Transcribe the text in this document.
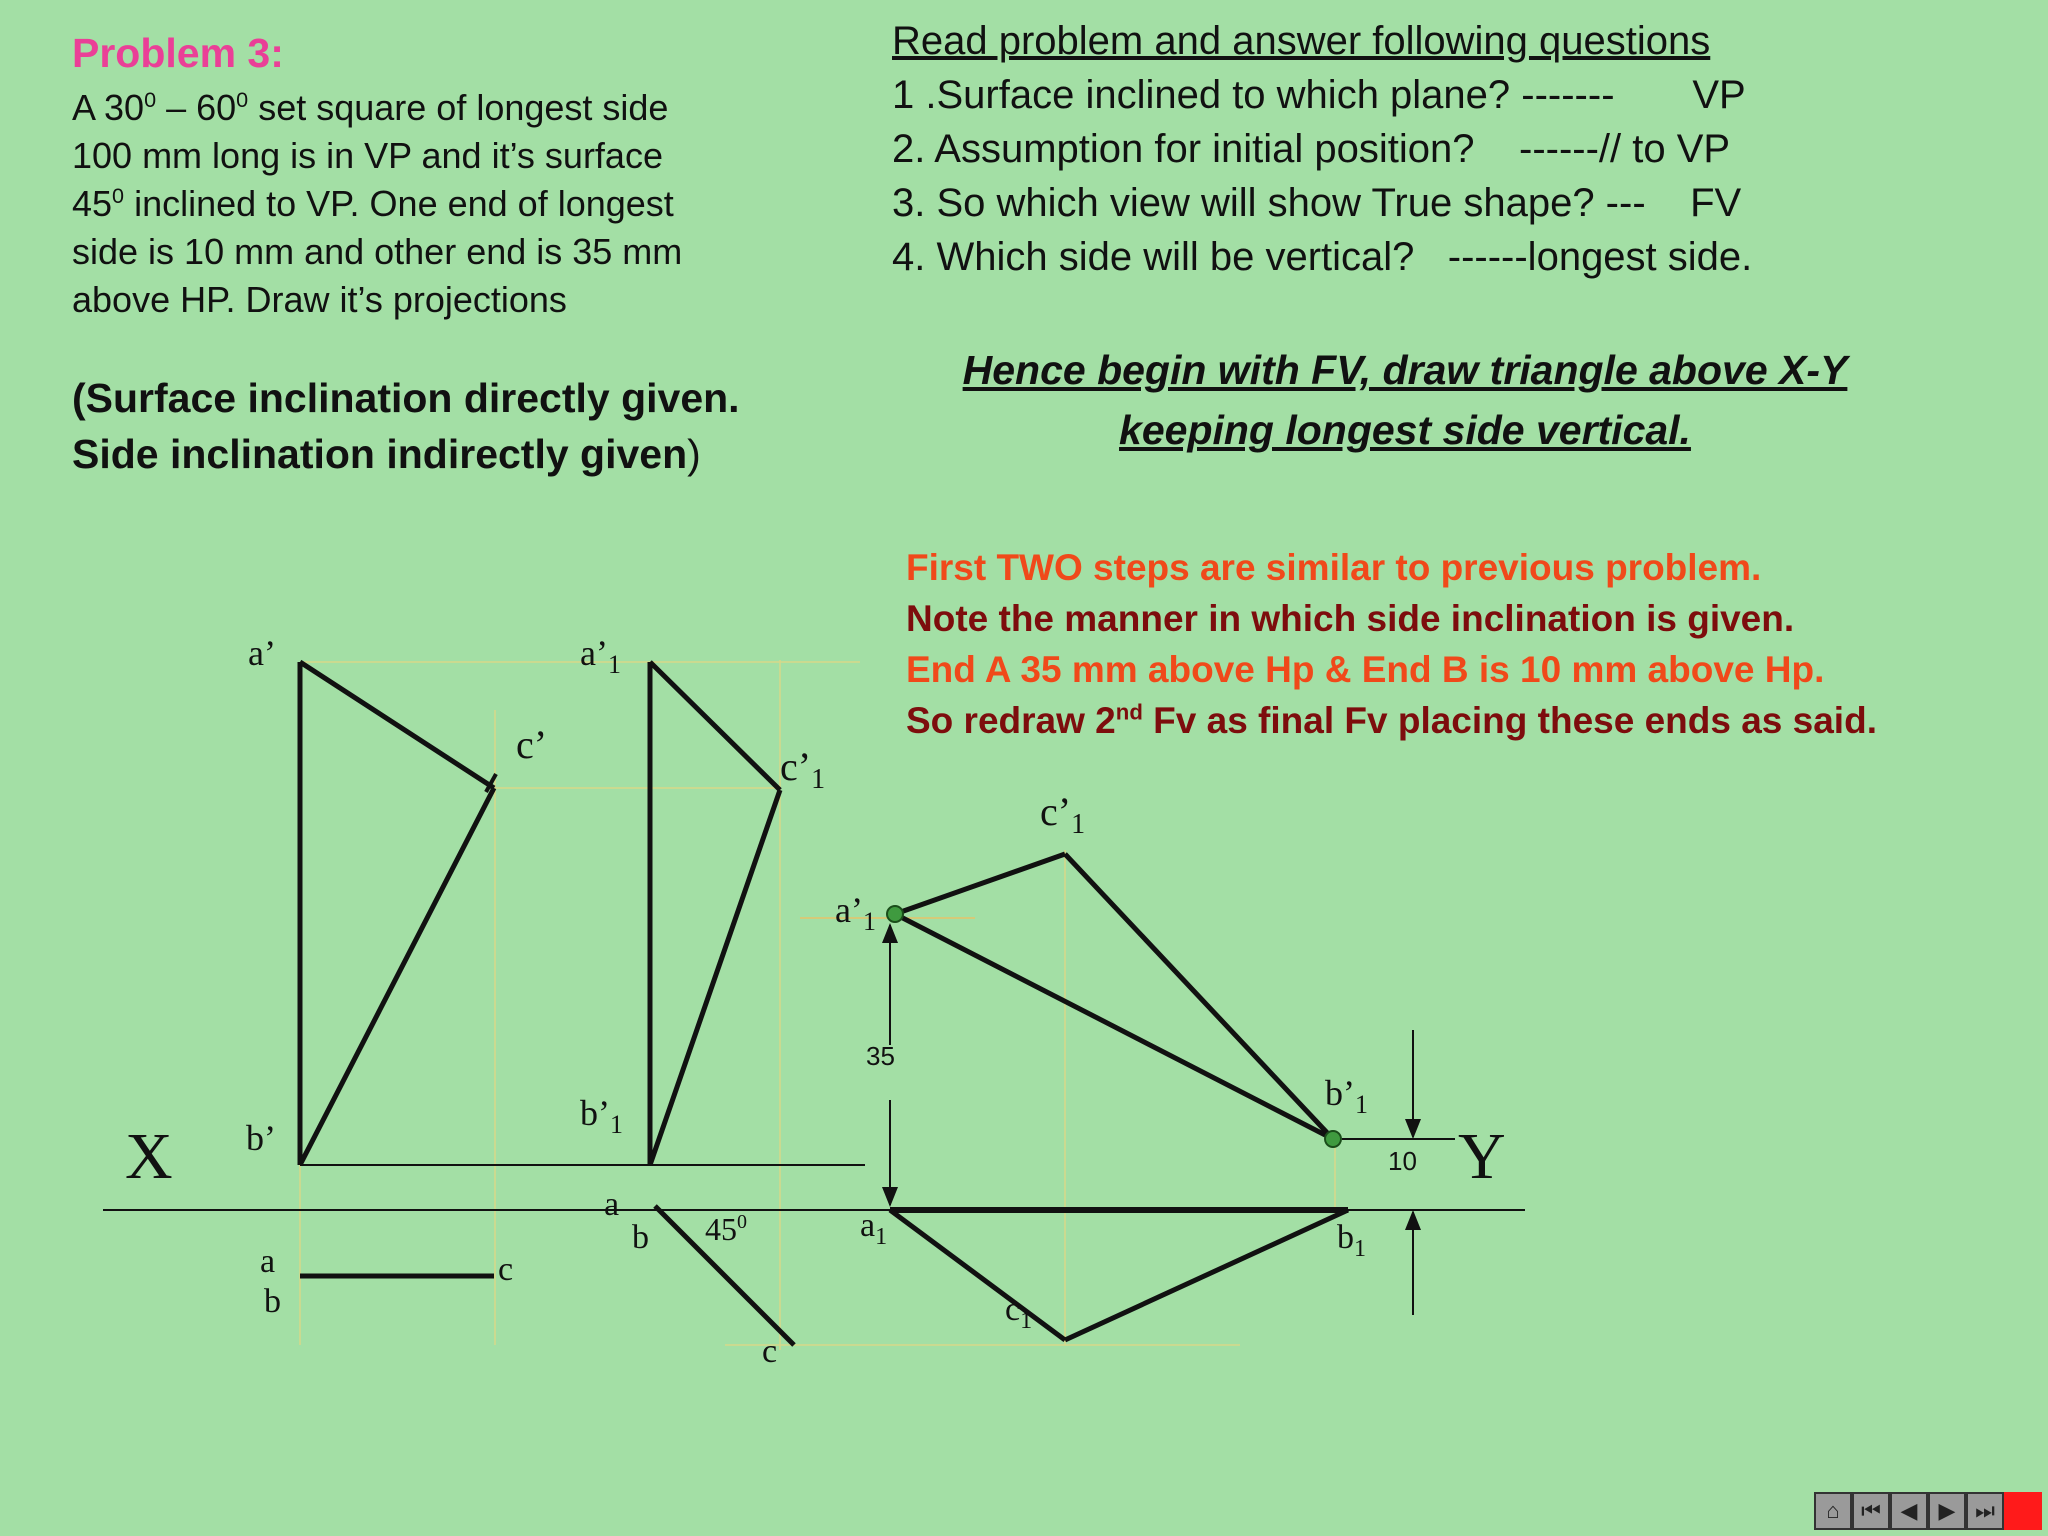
Problem 3:

A $30^0 - 60^0$ set square of longest side

100 mm long is in VP and it’s surface

$45^0$ inclined to VP. One end of longest

side is 10 mm and other end is 35 mm

above HP. Draw it’s projections

(Surface inclination directly given.
Side inclination indirectly given)
Read problem and answer following questions
1 .Surface inclined to which plane? -------       VP
2. Assumption for initial position?    ------// to VP
3. So which view will show True shape? ---    FV
4. Which side will be vertical?   ------longest side.
Hence begin with FV, draw triangle above X-Y
keeping longest side vertical.
First TWO steps are similar to previous problem.
Note the manner in which side inclination is given.
End A 35 mm above Hp & End B is 10 mm above Hp.
So redraw 2nd Fv as final Fv placing these ends as said.
X	Y
a’
b’
c’
a
b
c
$a’_1$
$b’_1$
$c’_1$
a
b
c
$45^0$
$a’_1$
$b’_1$
$c’_1$
$a_1$	$b_1$
$c_1$
35
10
⌂ ⏮ ◀ ▶ ⏭
